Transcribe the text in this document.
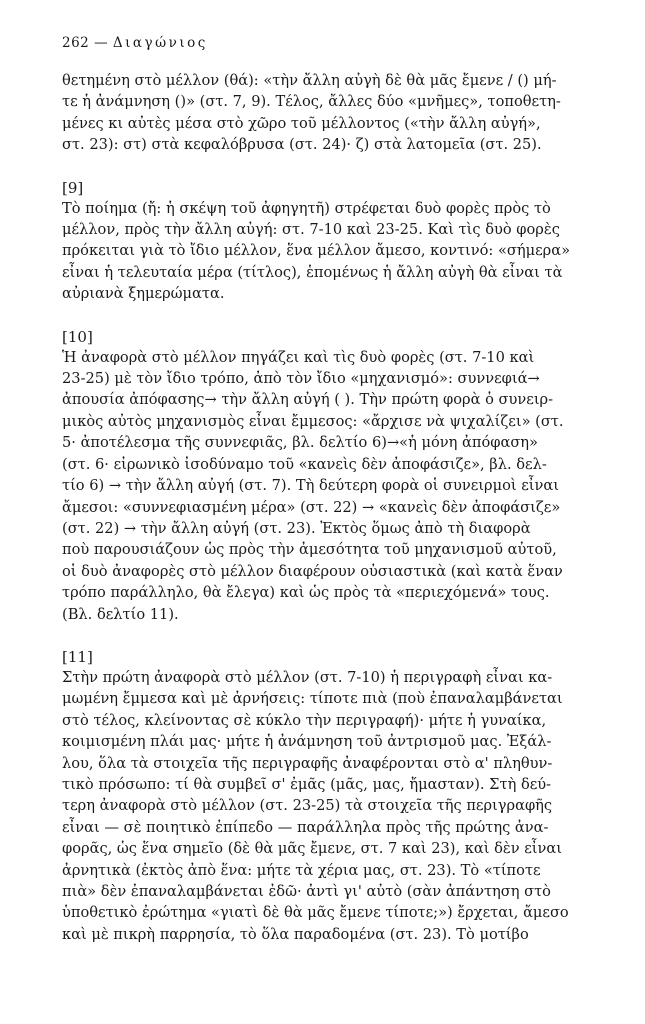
262 — Διαγώνιος

θετημένη στὸ μέλλον (θά): «τὴν ἄλλη αὐγὴ δὲ θὰ μᾶς ἔμενε / () μή-
τε ἡ ἀνάμνηση ()» (στ. 7, 9). Τέλος, ἄλλες δύο «μνῆμες», τοποθετη-
μένες κι αὐτὲς μέσα στὸ χῶρο τοῦ μέλλοντος («τὴν ἄλλη αὐγή»,
στ. 23): στ) στὰ κεφαλόβρυσα (στ. 24)· ζ) στὰ λατομεῖα (στ. 25).

[9]

Τὸ ποίημα (ἤ: ἡ σκέψη τοῦ ἀφηγητῆ) στρέφεται δυὸ φορὲς πρὸς τὸ
μέλλον, πρὸς τὴν ἄλλη αὐγή: στ. 7-10 καὶ 23-25. Καὶ τὶς δυὸ φορὲς
πρόκειται γιὰ τὸ ἴδιο μέλλον, ἕνα μέλλον ἄμεσο, κοντινό: «σήμερα»
εἶναι ἡ τελευταία μέρα (τίτλος), ἑπομένως ἡ ἄλλη αὐγὴ θὰ εἶναι τὰ
αὐριανὰ ξημερώματα.

[10]

Ἡ ἀναφορὰ στὸ μέλλον πηγάζει καὶ τὶς δυὸ φορὲς (στ. 7-10 καὶ
23-25) μὲ τὸν ἴδιο τρόπο, ἀπὸ τὸν ἴδιο «μηχανισμό»: συννεφιά→
ἀπουσία ἀπόφασης→ τὴν ἄλλη αὐγή ( ). Τὴν πρώτη φορὰ ὁ συνειρ-
μικὸς αὐτὸς μηχανισμὸς εἶναι ἔμμεσος: «ἄρχισε νὰ ψιχαλίζει» (στ.
5· ἀποτέλεσμα τῆς συννεφιᾶς, βλ. δελτίο 6)→«ἡ μόνη ἀπόφαση»
(στ. 6· εἰρωνικὸ ἰσοδύναμο τοῦ «κανεὶς δὲν ἀποφάσιζε», βλ. δελ-
τίο 6) → τὴν ἄλλη αὐγή (στ. 7). Τὴ δεύτερη φορὰ οἱ συνειρμοὶ εἶναι
ἄμεσοι: «συννεφιασμένη μέρα» (στ. 22) → «κανεὶς δὲν ἀποφάσιζε»
(στ. 22) → τὴν ἄλλη αὐγή (στ. 23). Ἐκτὸς ὅμως ἀπὸ τὴ διαφορὰ
ποὺ παρουσιάζουν ὡς πρὸς τὴν ἀμεσότητα τοῦ μηχανισμοῦ αὐτοῦ,
οἱ δυὸ ἀναφορὲς στὸ μέλλον διαφέρουν οὐσιαστικὰ (καὶ κατὰ ἕναν
τρόπο παράλληλο, θὰ ἔλεγα) καὶ ὡς πρὸς τὰ «περιεχόμενά» τους.
(Βλ. δελτίο 11).

[11]

Στὴν πρώτη ἀναφορὰ στὸ μέλλον (στ. 7-10) ἡ περιγραφὴ εἶναι κα-
μωμένη ἔμμεσα καὶ μὲ ἀρνήσεις: τίποτε πιὰ (ποὺ ἐπαναλαμβάνεται
στὸ τέλος, κλείνοντας σὲ κύκλο τὴν περιγραφή)· μήτε ἡ γυναίκα,
κοιμισμένη πλάι μας· μήτε ἡ ἀνάμνηση τοῦ ἀντρισμοῦ μας. Ἐξάλ-
λου, ὅλα τὰ στοιχεῖα τῆς περιγραφῆς ἀναφέρονται στὸ α' πληθυν-
τικὸ πρόσωπο: τί θὰ συμβεῖ σ' ἐμᾶς (μᾶς, μας, ἤμασταν). Στὴ δεύ-
τερη ἀναφορὰ στὸ μέλλον (στ. 23-25) τὰ στοιχεῖα τῆς περιγραφῆς
εἶναι — σὲ ποιητικὸ ἐπίπεδο — παράλληλα πρὸς τῆς πρώτης ἀνα-
φορᾶς, ὡς ἕνα σημεῖο (δὲ θὰ μᾶς ἔμενε, στ. 7 καὶ 23), καὶ δὲν εἶναι
ἀρνητικὰ (ἐκτὸς ἀπὸ ἕνα: μήτε τὰ χέρια μας, στ. 23). Τὸ «τίποτε
πιὰ» δὲν ἐπαναλαμβάνεται ἐδῶ· ἀντὶ γι' αὐτὸ (σὰν ἀπάντηση στὸ
ὑποθετικὸ ἐρώτημα «γιατὶ δὲ θὰ μᾶς ἔμενε τίποτε;») ἔρχεται, ἄμεσο
καὶ μὲ πικρὴ παρρησία, τὸ ὅλα παραδομένα (στ. 23). Τὸ μοτίβο
